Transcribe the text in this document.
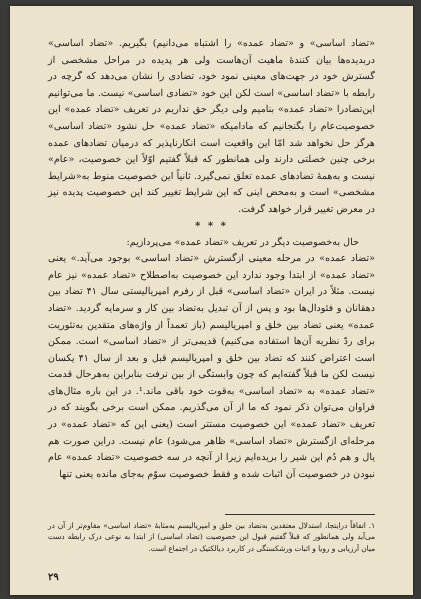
«تضاد اساسی» و «تضاد عمده» را اشتباه می‌دانیم) بگیریم. «تضاد اساسی» دربدیده‌ها بیان کنندهٔ ماهیت آن‌هاست ولی هر پدیده در مراحل مشخصی از گسترش خود در جهت‌های معینی نمود خود، تضادی را نشان می‌دهد که گرچه در رابطه با «تضاد اساسی» است لکن این خود «تضادی اساسی» نیست. ما می‌توانیم این‌تضادرا «تضاد عمده» بنامیم ولی دیگر حق نداریم در تعریف «تضاد عمده» این خصوصیت‌عام را بگنجانیم که مادامیکه «تضاد عمده» حل نشود «تضاد اساسی» هرگز حل نخواهد شد امّا این واقعیت است انکارناپذیر که درمیان تضادهای عمده برخی چنین خصلتی دارند ولی همانطور که قبلاً گفتیم اوّلاً این خصوصیت، «عام» نیست و به‌همهٔ تضادهای عمده تعلق نمی‌گیرد. ثانیاً این خصوصیت منوط به«شرایط مشخصی» است و به‌محض اینی که این شرایط تغییر کند این خصوصیت پدیده نیز در معرض تغییر قرار خواهد گرفت.

* * *

حال به‌خصوصیت دیگر در تعریف «تضاد عمده» می‌پردازیم:

«تضاد عمده» در مرحله معینی ازگسترش «تضاد اساسی» بوجود می‌آید.» یعنی «تضاد عمده» از ابتدا وجود ندارد این خصوصیت به‌اصطلاح «تضاد عمده» نیز عام نیست. مثلاً در ایران «تضاد اساسی» قبل از رفرم امپریالیستی سال ۴۱ تضاد بین دهقانان و فئودال‌ها بود و پس از آن تبدیل به‌تضاد بین کار و سرمایه گردید. «تضاد عمده» یعنی تضاد بین خلق و امپریالیسم (باز تعمداً از واژه‌های متقدین به‌تئوریت برای ردّ نظریه آن‌ها استفاده می‌کنیم) قدیمی‌تر از «تضاد اساسی» است. ممکن است اعتراض کنند که تضاد بین خلق و امپریالیسم قبل و بعد از سال ۴۱ یکسان نیست لکن ما قبلاً گفته‌ایم که چون وابستگی از بین نرفت بنابراین به‌هرحال قدمت «تضاد عمده» به «تضاد اساسی» به‌قوت خود باقی ماند.¹. در این باره مثال‌های فراوان می‌توان ذکر نمود که ما از آن می‌گذریم. ممکن است برخی بگویند که در تعریف «تضاد عمده» این خصوصیت مستتر است (یعنی این که «تضاد عمده» در مرحله‌ای ازگسترش «تضاد اساسی» ظاهر می‌شود) عام نیست. دراین صورت هم یال و هم دُم این شیر را بریده‌ایم زیرا از آنچه در سه خصوصیت «تضاد عمده» عام نبودن در خصوصیت آن اثبات شده و فقط خصوصیت سوّم به‌جای مانده یعنی تنها

۱. اتفاقاً درایتجا، استدلال معتقدین به‌تضاد بین خلق و امپریالیسم به‌مثابهٔ «تضاد اساسی» مقاوم‌تر از آن در می‌آید ولی همانطور که قبلاً گفتیم قبول این خصوصیت (تضاد اساسی) از ابتدا به نوعی درک رابطه دست میان اَرزیابی و رویا و اثبات ورشکستگی در کاربرد دیالکتیک در اجتماع است.
۲۹
